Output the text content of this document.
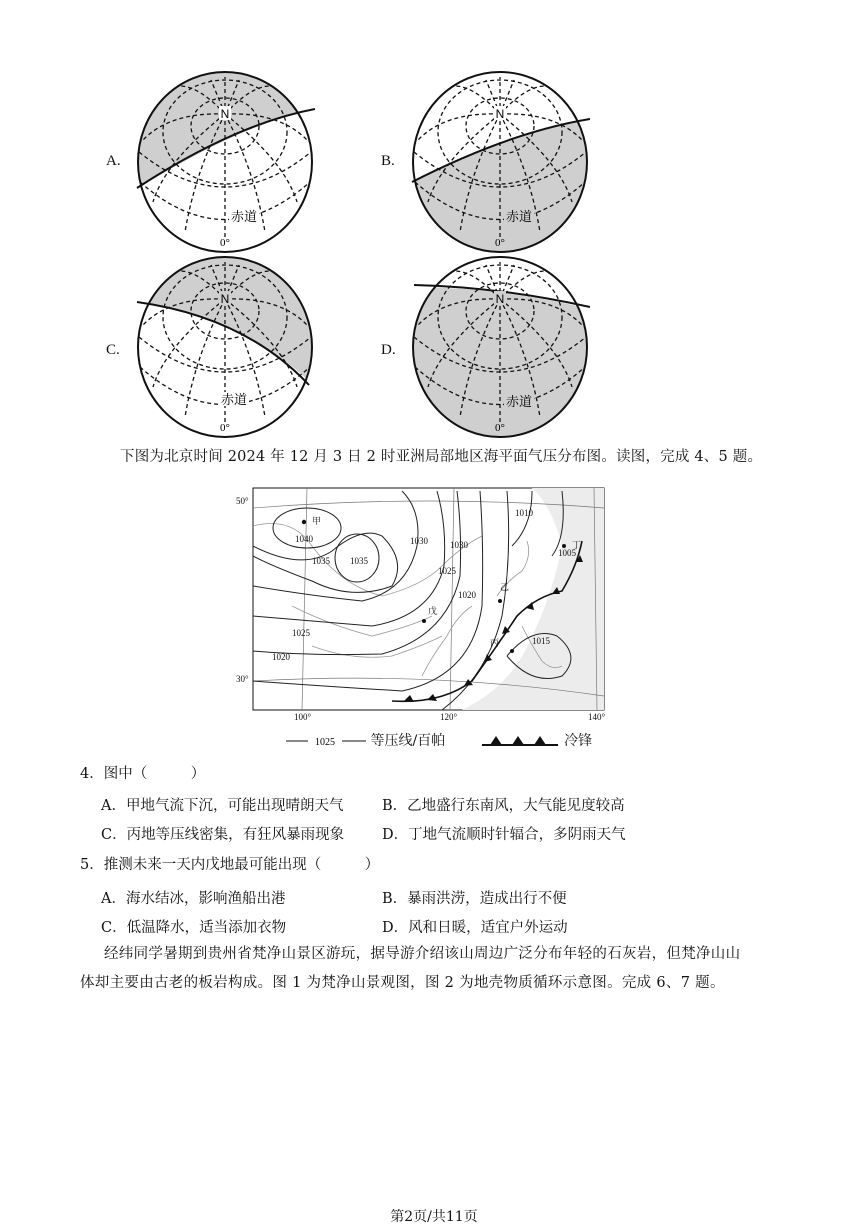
A.
N
赤道
0°
B.
N
赤道
0°
C.
N
赤道
0°
D.
N
赤道
0°
下图为北京时间 2024 年 12 月 3 日 2 时亚洲局部地区海平面气压分布图。读图，完成 4、5 题。
甲
乙
丙
丁
戊
1040
1035 1035
1030 1030
1025
1025
1020
1020
1015
1010
1005
50°
30°
100°	120°	140°
1025	等压线/百帕	冷锋
4．图中（　　　）
A．甲地气流下沉，可能出现晴朗天气	B．乙地盛行东南风，大气能见度较高
C．丙地等压线密集，有狂风暴雨现象	D．丁地气流顺时针辐合，多阴雨天气
5．推测未来一天内戊地最可能出现（　　　）
A．海水结冰，影响渔船出港	B．暴雨洪涝，造成出行不便
C．低温降水，适当添加衣物	D．风和日暖，适宜户外运动
经纬同学暑期到贵州省梵净山景区游玩，据导游介绍该山周边广泛分布年轻的石灰岩，但梵净山山
体却主要由古老的板岩构成。图 1 为梵净山景观图，图 2 为地壳物质循环示意图。完成 6、7 题。
第2页/共11页
